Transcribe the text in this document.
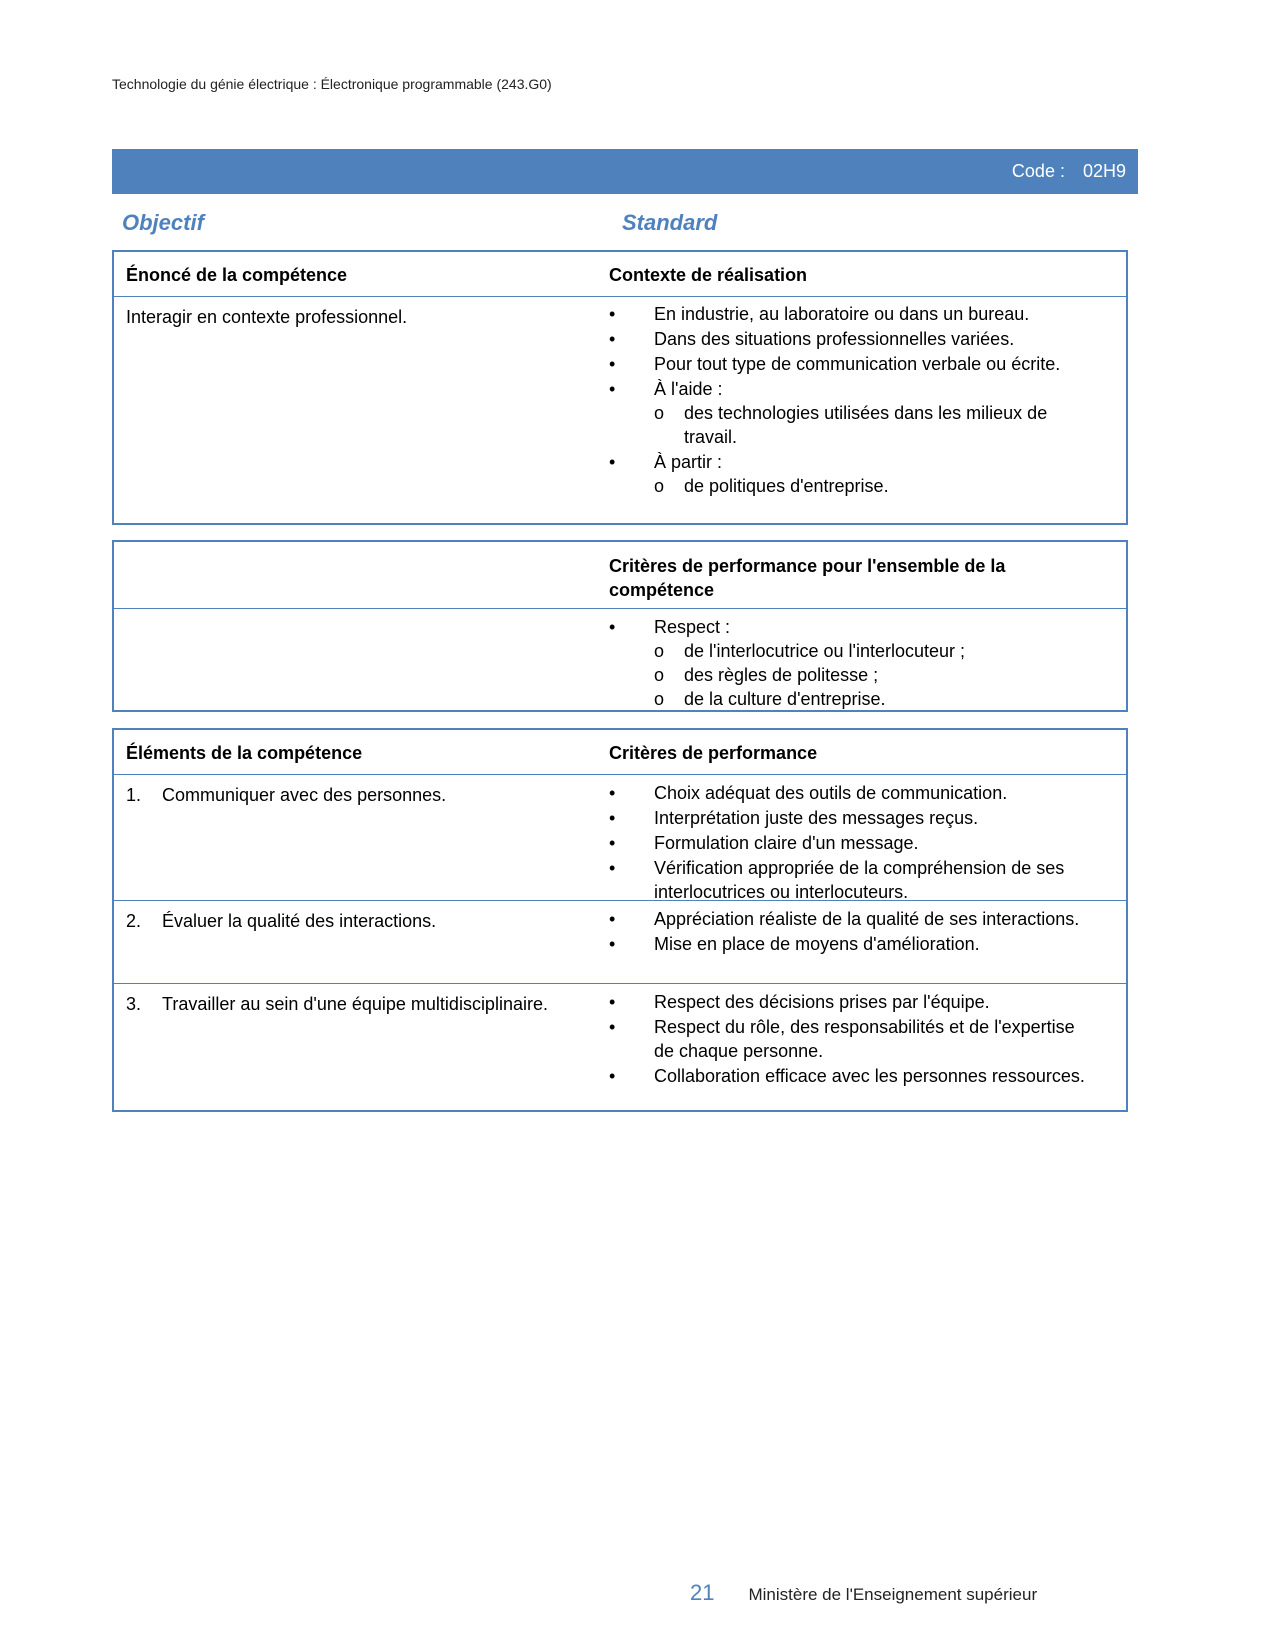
Technologie du génie électrique : Électronique programmable (243.G0)
Code : 02H9
Objectif	Standard
Énoncé de la compétence	Contexte de réalisation
Interagir en contexte professionnel.	• En industrie, au laboratoire ou dans un bureau.
• Dans des situations professionnelles variées.
• Pour tout type de communication verbale ou écrite.
• À l'aide :
o des technologies utilisées dans les milieux de travail.
• À partir :
o de politiques d'entreprise.
Critères de performance pour l'ensemble de la compétence
• Respect :
o de l'interlocutrice ou l'interlocuteur ;
o des règles de politesse ;
o de la culture d'entreprise.
Éléments de la compétence	Critères de performance
1. Communiquer avec des personnes.	• Choix adéquat des outils de communication.
• Interprétation juste des messages reçus.
• Formulation claire d'un message.
• Vérification appropriée de la compréhension de ses interlocutrices ou interlocuteurs.
2. Évaluer la qualité des interactions.	• Appréciation réaliste de la qualité de ses interactions.
• Mise en place de moyens d'amélioration.
3. Travailler au sein d'une équipe multidisciplinaire.	• Respect des décisions prises par l'équipe.
• Respect du rôle, des responsabilités et de l'expertise de chaque personne.
• Collaboration efficace avec les personnes ressources.
21 Ministère de l'Enseignement supérieur
